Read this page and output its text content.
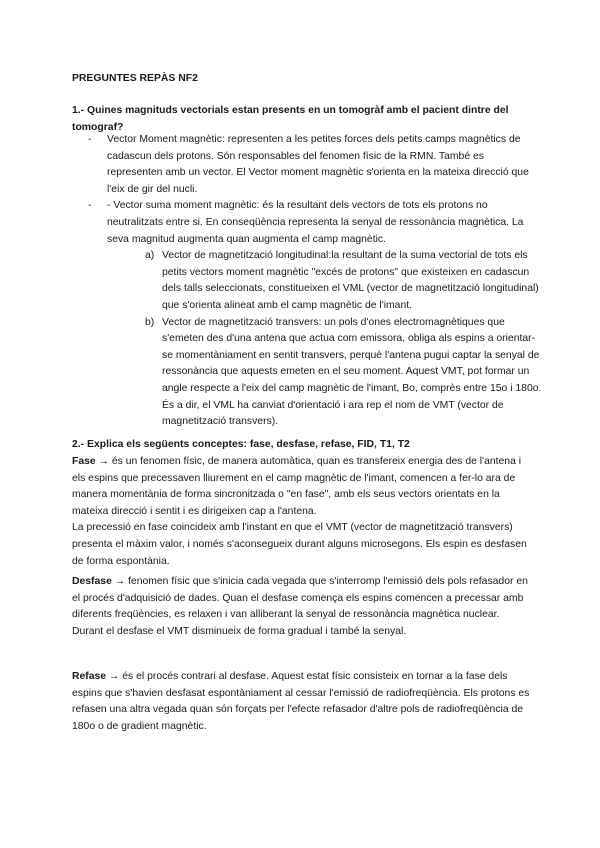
PREGUNTES REPÀS NF2
1.- Quines magnituds vectorials estan presents en un tomogràf amb el pacient dintre del tomograf?

- Vector Moment magnètic: representen a les petites forces dels petits camps magnètics de cadascun dels protons. Són responsables del fenomen físic de la RMN. També es representen amb un vector. El Vector moment magnètic s'orienta en la mateixa direcció que l'eix de gir del nucli.

- - Vector suma moment magnètic: és la resultant dels vectors de tots els protons no neutralitzats entre si. En conseqüència representa la senyal de ressonància magnètica. La seva magnitud augmenta quan augmenta el camp magnètic.

a) Vector de magnetització longitudinal:la resultant de la suma vectorial de tots els petits vectors moment magnètic "excés de protons" que existeixen en cadascun dels talls seleccionats, constitueixen el VML (vector de magnetització longitudinal) que s'orienta alineat amb el camp magnètic de l'imant.

b) Vector de magnetització transvers: un pols d'ones electromagnètiques que s'emeten des d'una antena que actua com emissora, obliga als espins a orientar-se momentàniament en sentit transvers, perquè l'antena pugui captar la senyal de ressonància que aquests emeten en el seu moment. Aquest VMT, pot formar un angle respecte a l'eix del camp magnètic de l'imant, Bo, comprès entre 15o i 180o. És a dir, el VML ha canviat d'orientació i ara rep el nom de VMT (vector de magnetització transvers).

2.- Explica els següents conceptes: fase, desfase, refase, FID, T1, T2

Fase → és un fenomen físic, de manera automàtica, quan es transfereix energia des de l'antena i els espins que precessaven lliurement en el camp magnètic de l'imant, comencen a fer-lo ara de manera momentània de forma sincronitzada o "en fase", amb els seus vectors orientats en la mateixa direcció i sentit i es dirigeixen cap a l'antena.

La precessió en fase coincideix amb l'instant en que el VMT (vector de magnetització transvers) presenta el màxim valor, i només s'aconsegueix durant alguns microsegons. Els espin es desfasen de forma espontània.

Desfase → fenomen físic que s'inicia cada vegada que s'interromp l'emissió dels pols refasador en el procés d'adquisició de dades. Quan el desfase comença els espins comencen a precessar amb diferents freqüències, es relaxen i van alliberant la senyal de ressonància magnètica nuclear.

Durant el desfase el VMT disminueix de forma gradual i també la senyal.

Refase → és el procés contrari al desfase. Aquest estat físic consisteix en tornar a la fase dels espins que s'havien desfasat espontàniament al cessar l'emissió de radiofreqüència. Els protons es refasen una altra vegada quan són forçats per l'efecte refasador d'altre pols de radiofreqüència de 180o o de gradient magnètic.
